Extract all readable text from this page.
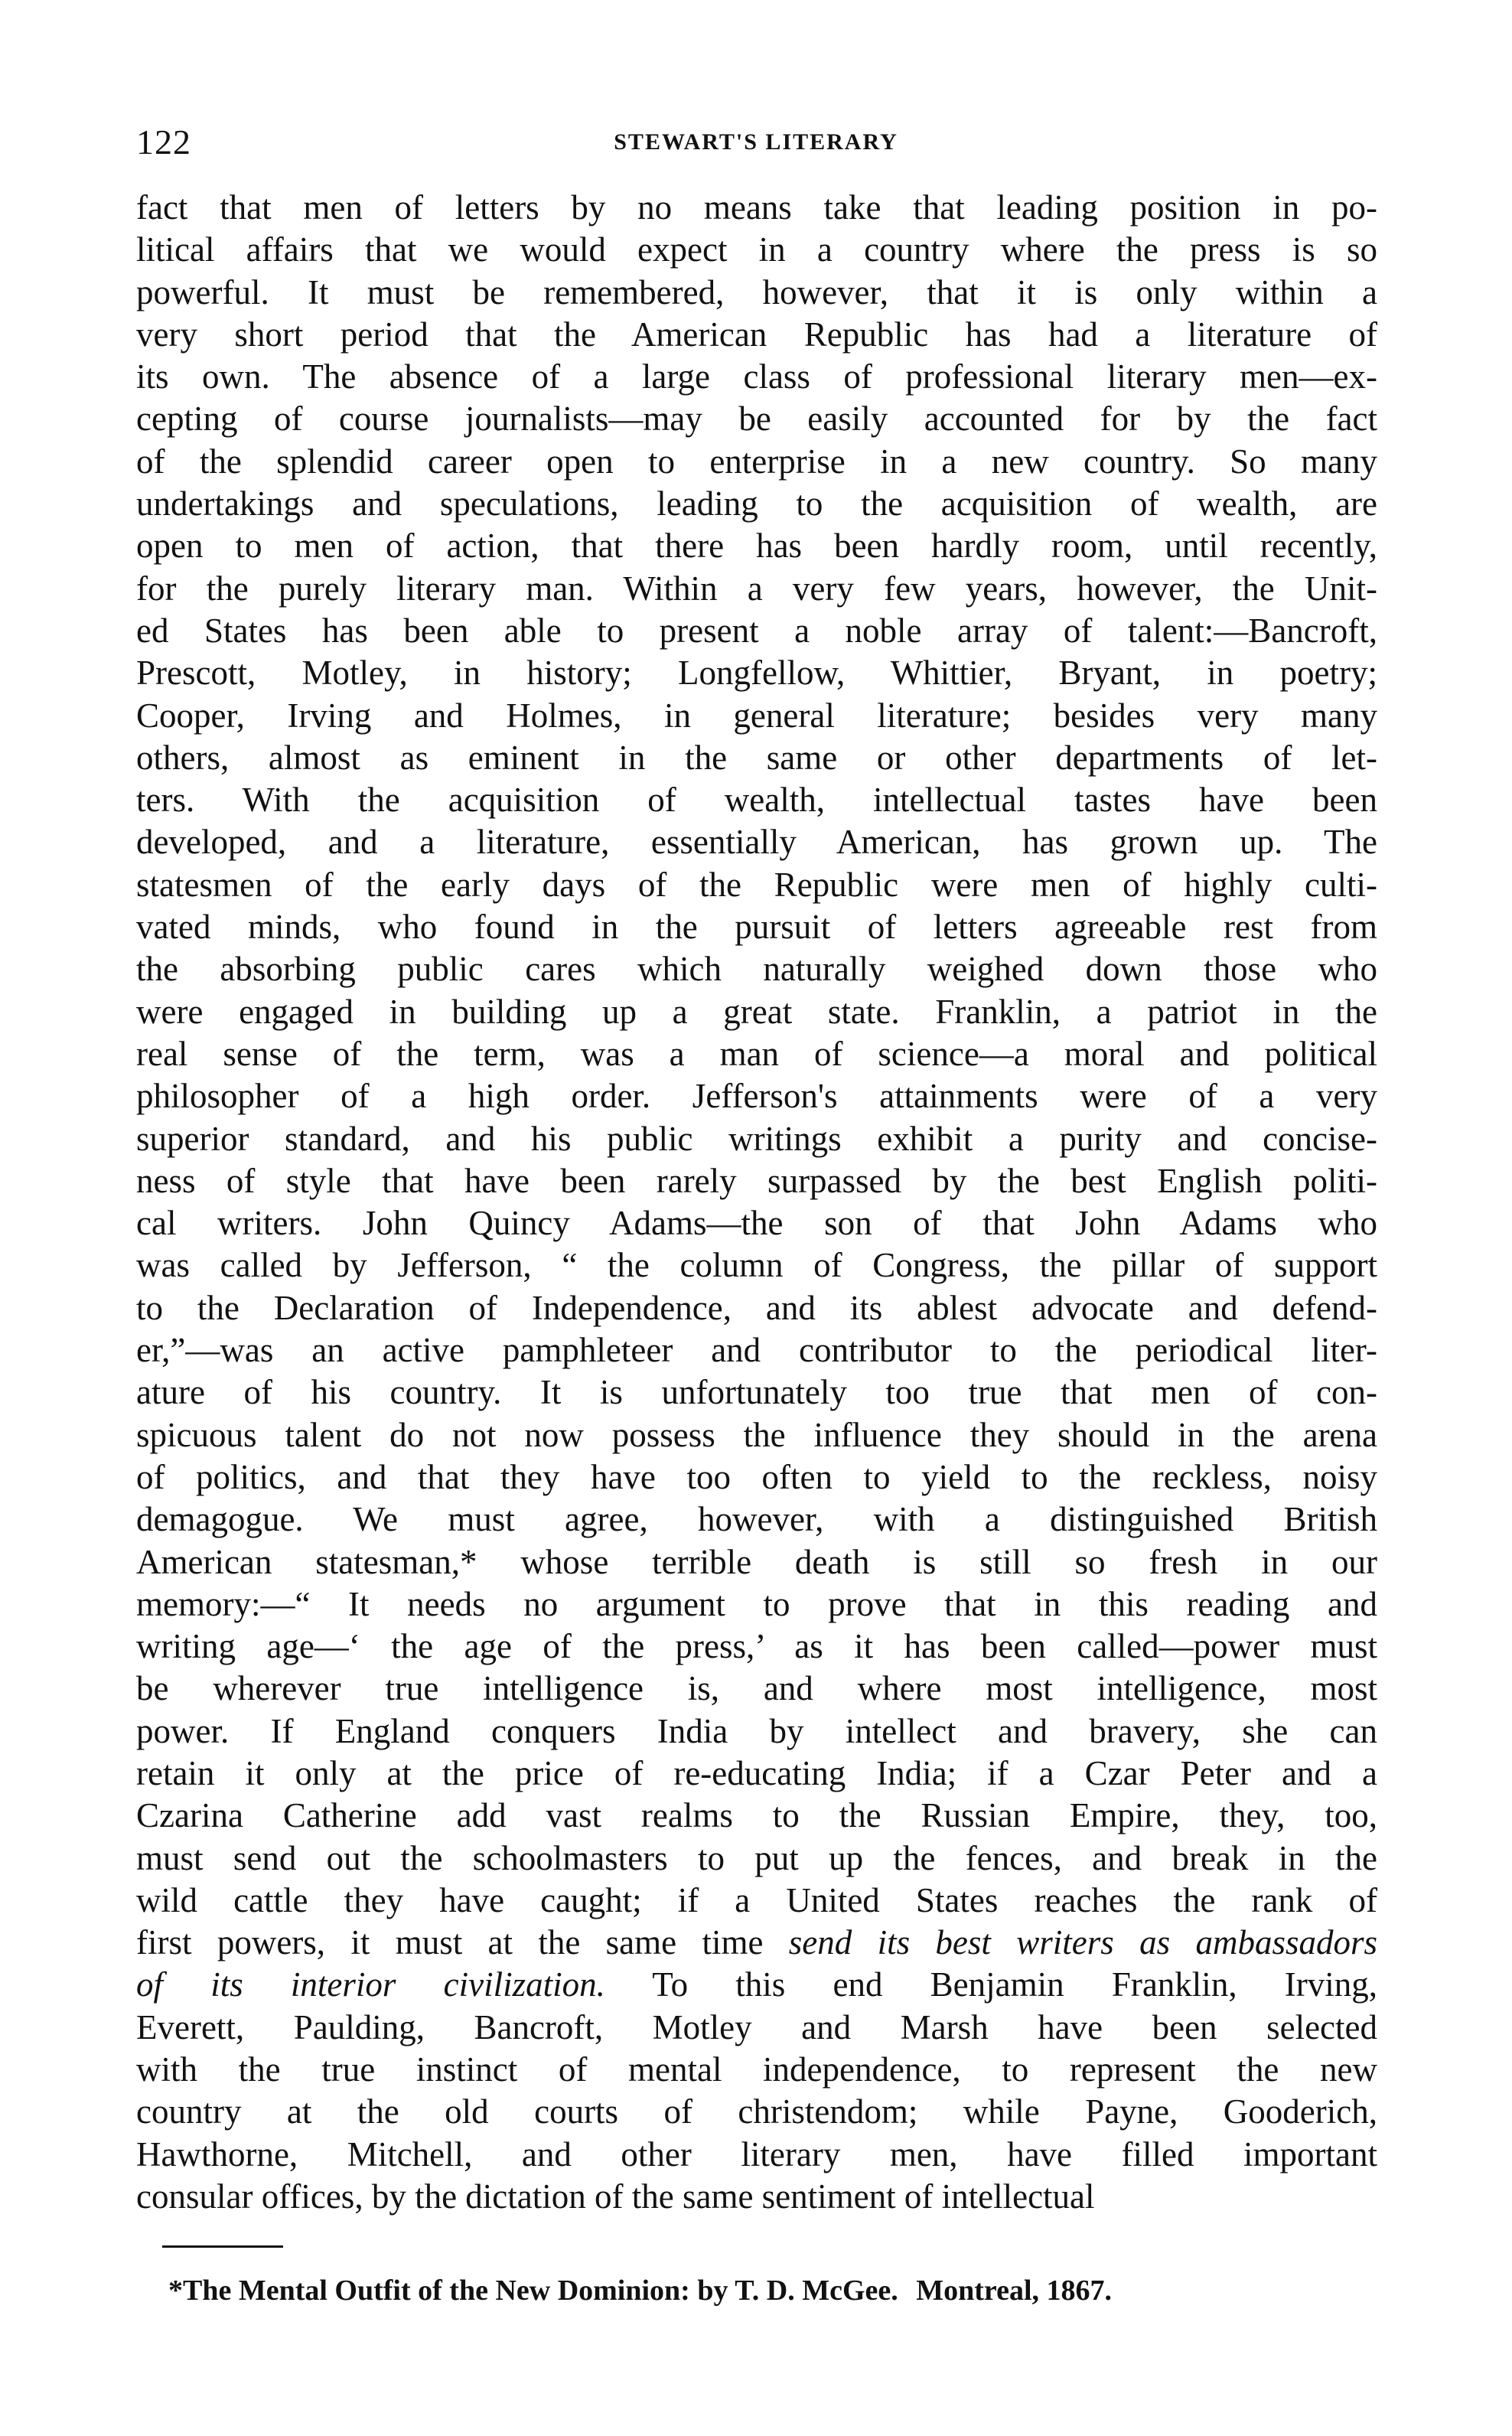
122	STEWART'S LITERARY
fact that men of letters by no means take that leading position in po-
litical affairs that we would expect in a country where the press is so
powerful. It must be remembered, however, that it is only within a
very short period that the American Republic has had a literature of
its own. The absence of a large class of professional literary men—ex-
cepting of course journalists—may be easily accounted for by the fact
of the splendid career open to enterprise in a new country. So many
undertakings and speculations, leading to the acquisition of wealth, are
open to men of action, that there has been hardly room, until recently,
for the purely literary man. Within a very few years, however, the Unit-
ed States has been able to present a noble array of talent:—Bancroft,
Prescott, Motley, in history; Longfellow, Whittier, Bryant, in poetry;
Cooper, Irving and Holmes, in general literature; besides very many
others, almost as eminent in the same or other departments of let-
ters. With the acquisition of wealth, intellectual tastes have been
developed, and a literature, essentially American, has grown up. The
statesmen of the early days of the Republic were men of highly culti-
vated minds, who found in the pursuit of letters agreeable rest from
the absorbing public cares which naturally weighed down those who
were engaged in building up a great state. Franklin, a patriot in the
real sense of the term, was a man of science—a moral and political
philosopher of a high order. Jefferson's attainments were of a very
superior standard, and his public writings exhibit a purity and concise-
ness of style that have been rarely surpassed by the best English politi-
cal writers. John Quincy Adams—the son of that John Adams who
was called by Jefferson, “ the column of Congress, the pillar of support
to the Declaration of Independence, and its ablest advocate and defend-
er,”—was an active pamphleteer and contributor to the periodical liter-
ature of his country. It is unfortunately too true that men of con-
spicuous talent do not now possess the influence they should in the arena
of politics, and that they have too often to yield to the reckless, noisy
demagogue. We must agree, however, with a distinguished British
American statesman,* whose terrible death is still so fresh in our
memory:—“ It needs no argument to prove that in this reading and
writing age—‘ the age of the press,’ as it has been called—power must
be wherever true intelligence is, and where most intelligence, most
power. If England conquers India by intellect and bravery, she can
retain it only at the price of re-educating India; if a Czar Peter and a
Czarina Catherine add vast realms to the Russian Empire, they, too,
must send out the schoolmasters to put up the fences, and break in the
wild cattle they have caught; if a United States reaches the rank of
first powers, it must at the same time send its best writers as ambassadors
of its interior civilization. To this end Benjamin Franklin, Irving,
Everett, Paulding, Bancroft, Motley and Marsh have been selected
with the true instinct of mental independence, to represent the new
country at the old courts of christendom; while Payne, Gooderich,
Hawthorne, Mitchell, and other literary men, have filled important
consular offices, by the dictation of the same sentiment of intellectual
*The Mental Outfit of the New Dominion: by T. D. McGee. Montreal, 1867.
